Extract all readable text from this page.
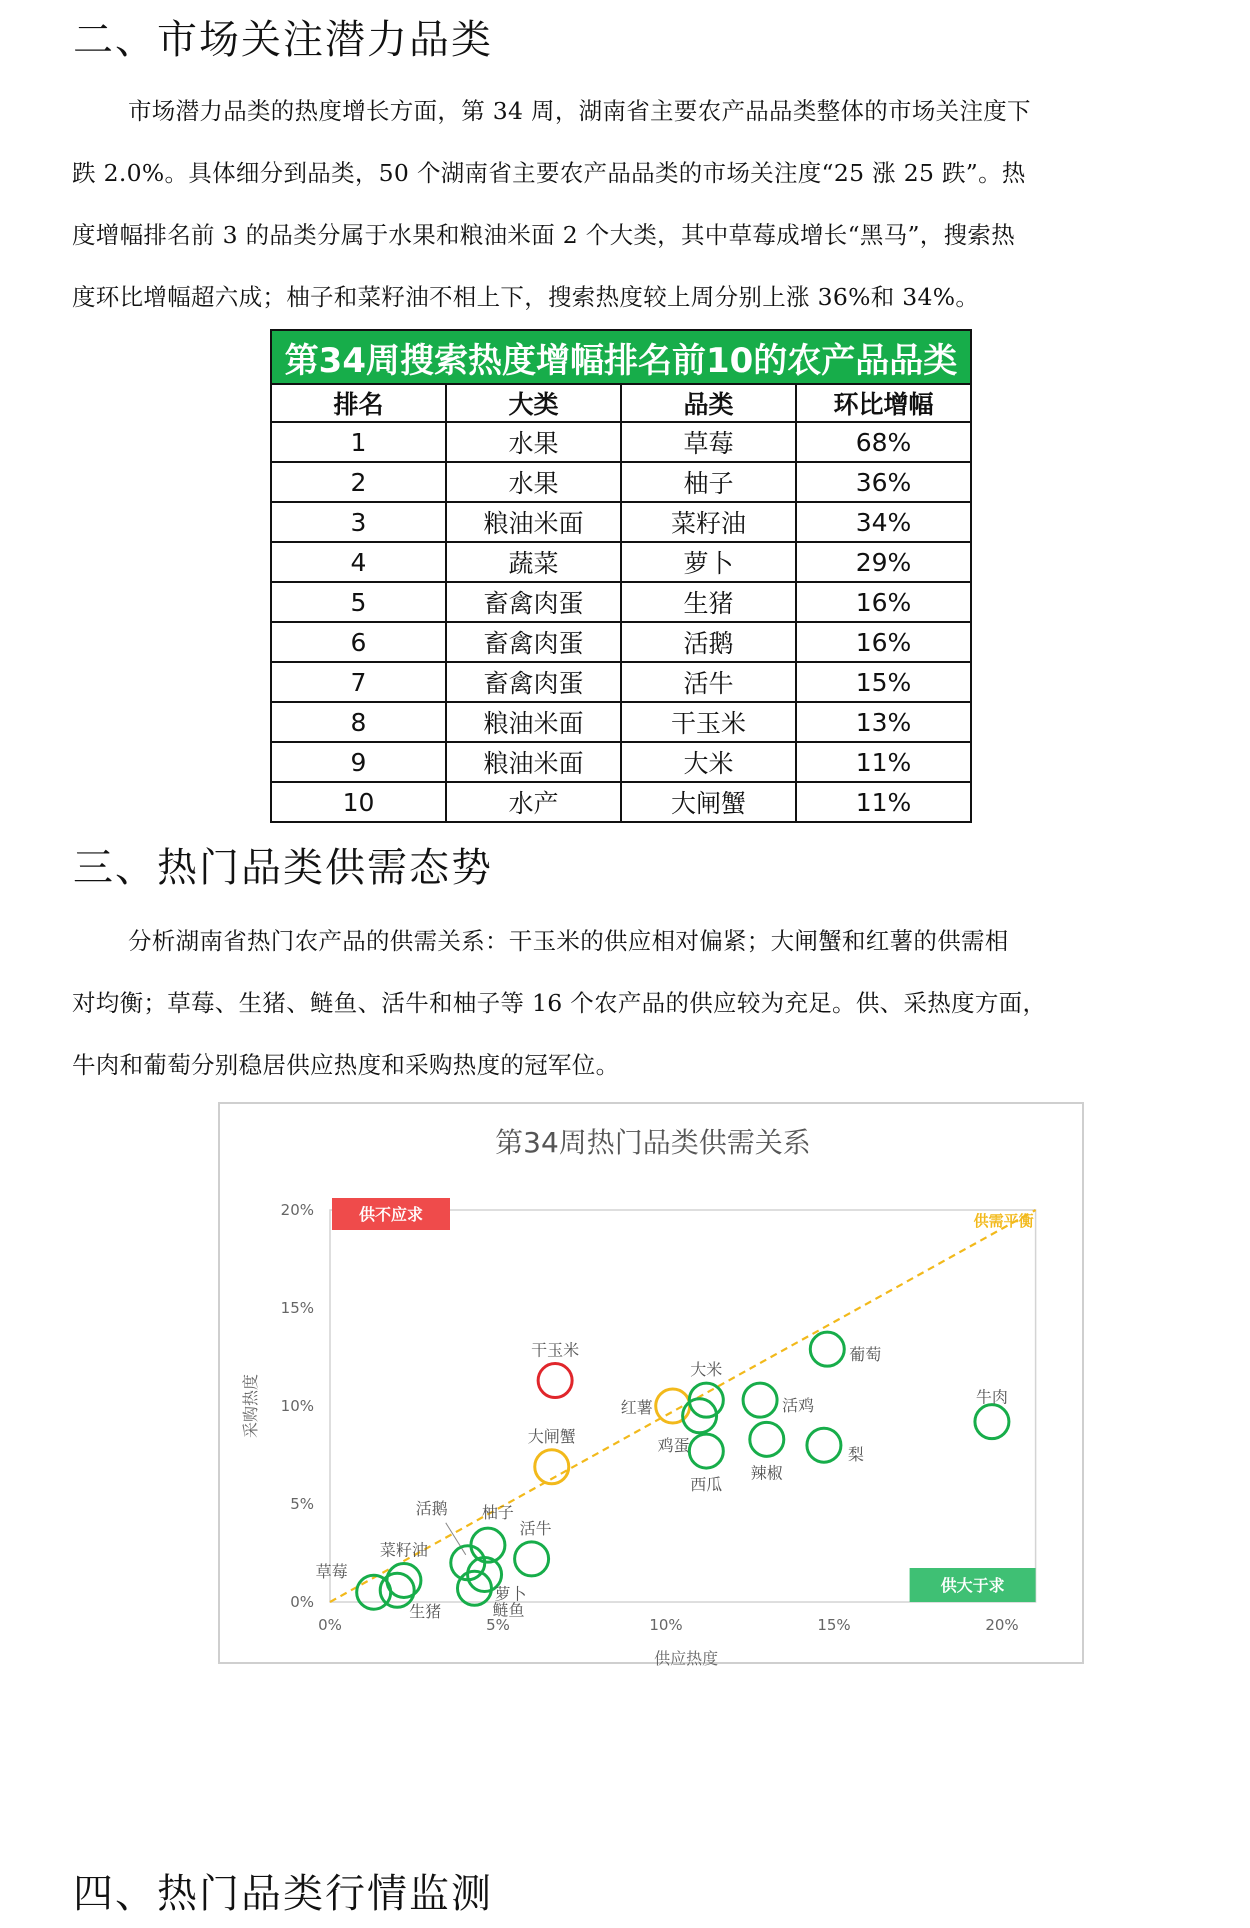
二、市场关注潜力品类
市场潜力品类的热度增长方面，第 34 周，湖南省主要农产品品类整体的市场关注度下
跌 2.0%。具体细分到品类，50 个湖南省主要农产品品类的市场关注度“25 涨 25 跌”。热
度增幅排名前 3 的品类分属于水果和粮油米面 2 个大类，其中草莓成增长“黑马”，搜索热
度环比增幅超六成；柚子和菜籽油不相上下，搜索热度较上周分别上涨 36%和 34%。
第34周搜索热度增幅排名前10的农产品品类			
排名	大类	品类	环比增幅
1	水果	草莓	68%
2	水果	柚子	36%
3	粮油米面	菜籽油	34%
4	蔬菜	萝卜	29%
5	畜禽肉蛋	生猪	16%
6	畜禽肉蛋	活鹅	16%
7	畜禽肉蛋	活牛	15%
8	粮油米面	干玉米	13%
9	粮油米面	大米	11%
10	水产	大闸蟹	11%
三、热门品类供需态势
分析湖南省热门农产品的供需关系：干玉米的供应相对偏紧；大闸蟹和红薯的供需相
对均衡；草莓、生猪、鲢鱼、活牛和柚子等 16 个农产品的供应较为充足。供、采热度方面，
牛肉和葡萄分别稳居供应热度和采购热度的冠军位。
第34周热门品类供需关系
0%	5%	10%	15%	20%
0%
5%
10%
15%
20%
供应热度
采购热度
供需平衡
供不应求
供大于求
草莓
生猪
菜籽油
活鹅 柚子
萝卜
鲢鱼
活牛
大闸蟹
干玉米
红薯
大米
鸡蛋
西瓜
活鸡
辣椒
葡萄
梨
牛肉
四、热门品类行情监测
